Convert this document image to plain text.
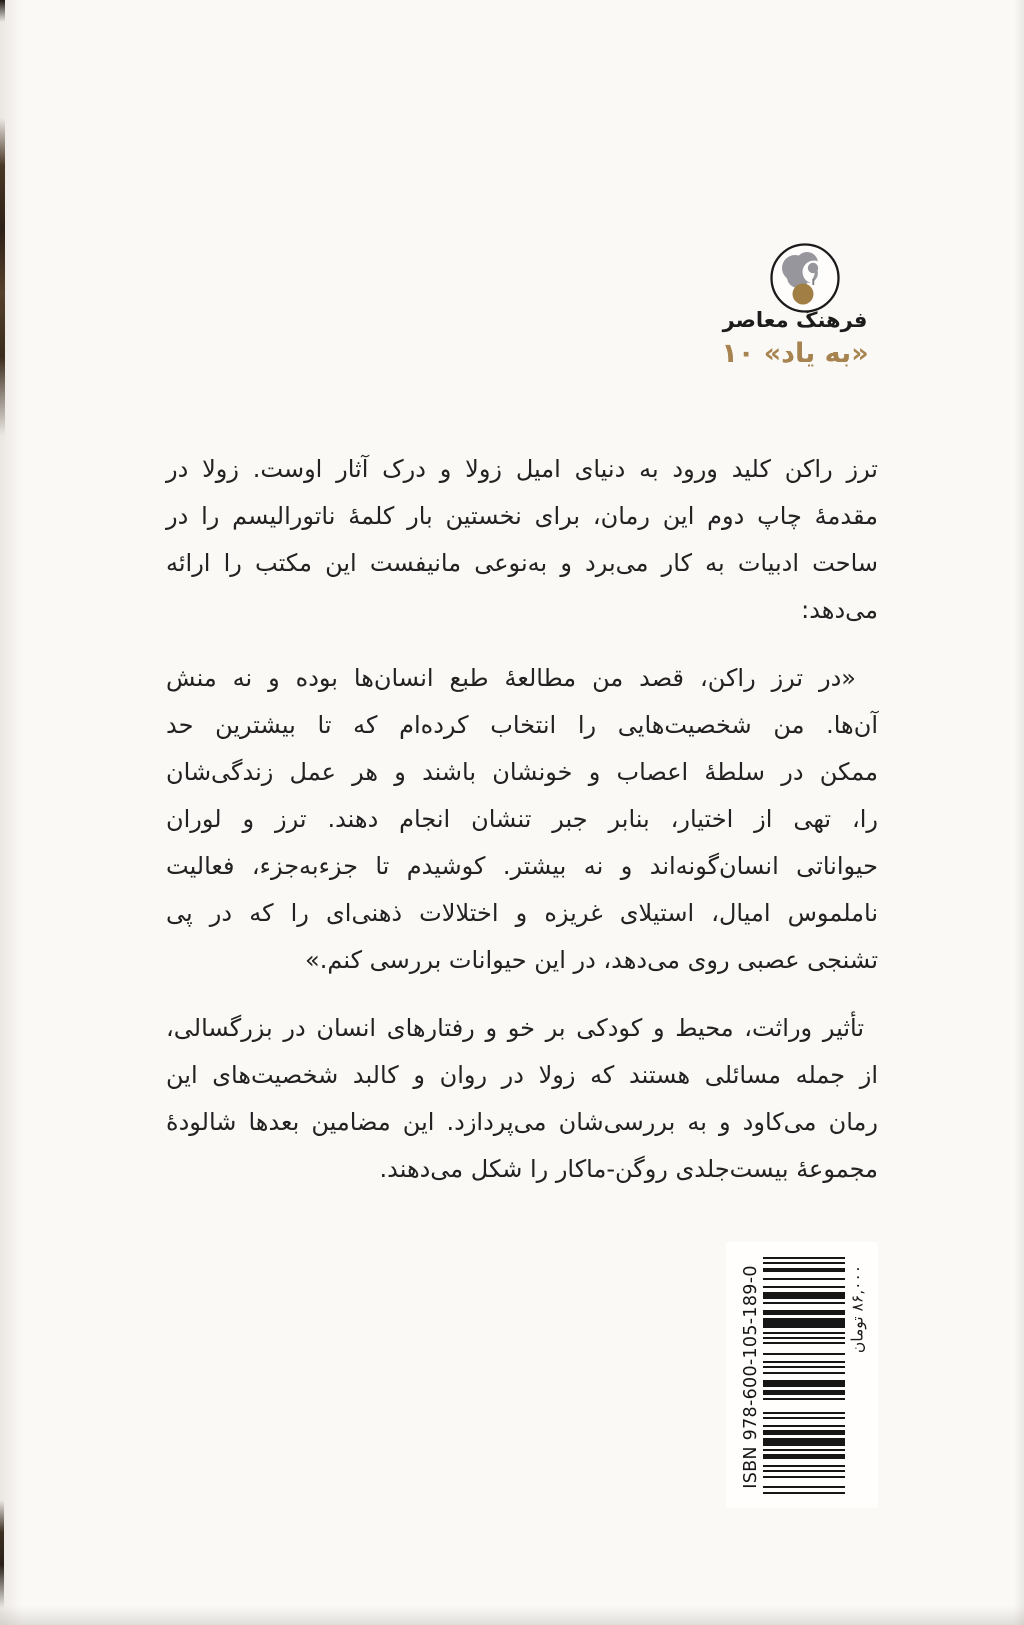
فرهنگ معاصر
«به یاد» ۱۰
ترز راکن کلید ورود به دنیای امیل زولا و درک آثار اوست. زولا در
مقدمۀ چاپ دوم این رمان، برای نخستین بار کلمۀ ناتورالیسم را در
ساحت ادبیات به کار می‌برد و به‌نوعی مانیفست این مکتب را ارائه
می‌دهد:
«در ترز راکن، قصد من مطالعۀ طبع انسان‌ها بوده و نه منش
آن‌ها. من شخصیت‌هایی را انتخاب کرده‌ام که تا بیشترین حد
ممکن در سلطۀ اعصاب و خونشان باشند و هر عمل زندگی‌شان
را، تهی از اختیار، بنابر جبر تنشان انجام دهند. ترز و لوران
حیواناتی انسان‌گونه‌اند و نه بیشتر. کوشیدم تا جزءبه‌جزء، فعالیت
ناملموس امیال، استیلای غریزه و اختلالات ذهنی‌ای را که در پی
تشنجی عصبی روی می‌دهد، در این حیوانات بررسی کنم.»
تأثیر وراثت، محیط و کودکی بر خو و رفتارهای انسان در بزرگسالی،
از جمله مسائلی هستند که زولا در روان و کالبد شخصیت‌های این
رمان می‌کاود و به بررسی‌شان می‌پردازد. این مضامین بعدها شالودۀ
مجموعۀ بیست‌جلدی روگن-ماکار را شکل می‌دهند.
ISBN 978-600-105-189-0	۸۶,۰۰۰ تومان
